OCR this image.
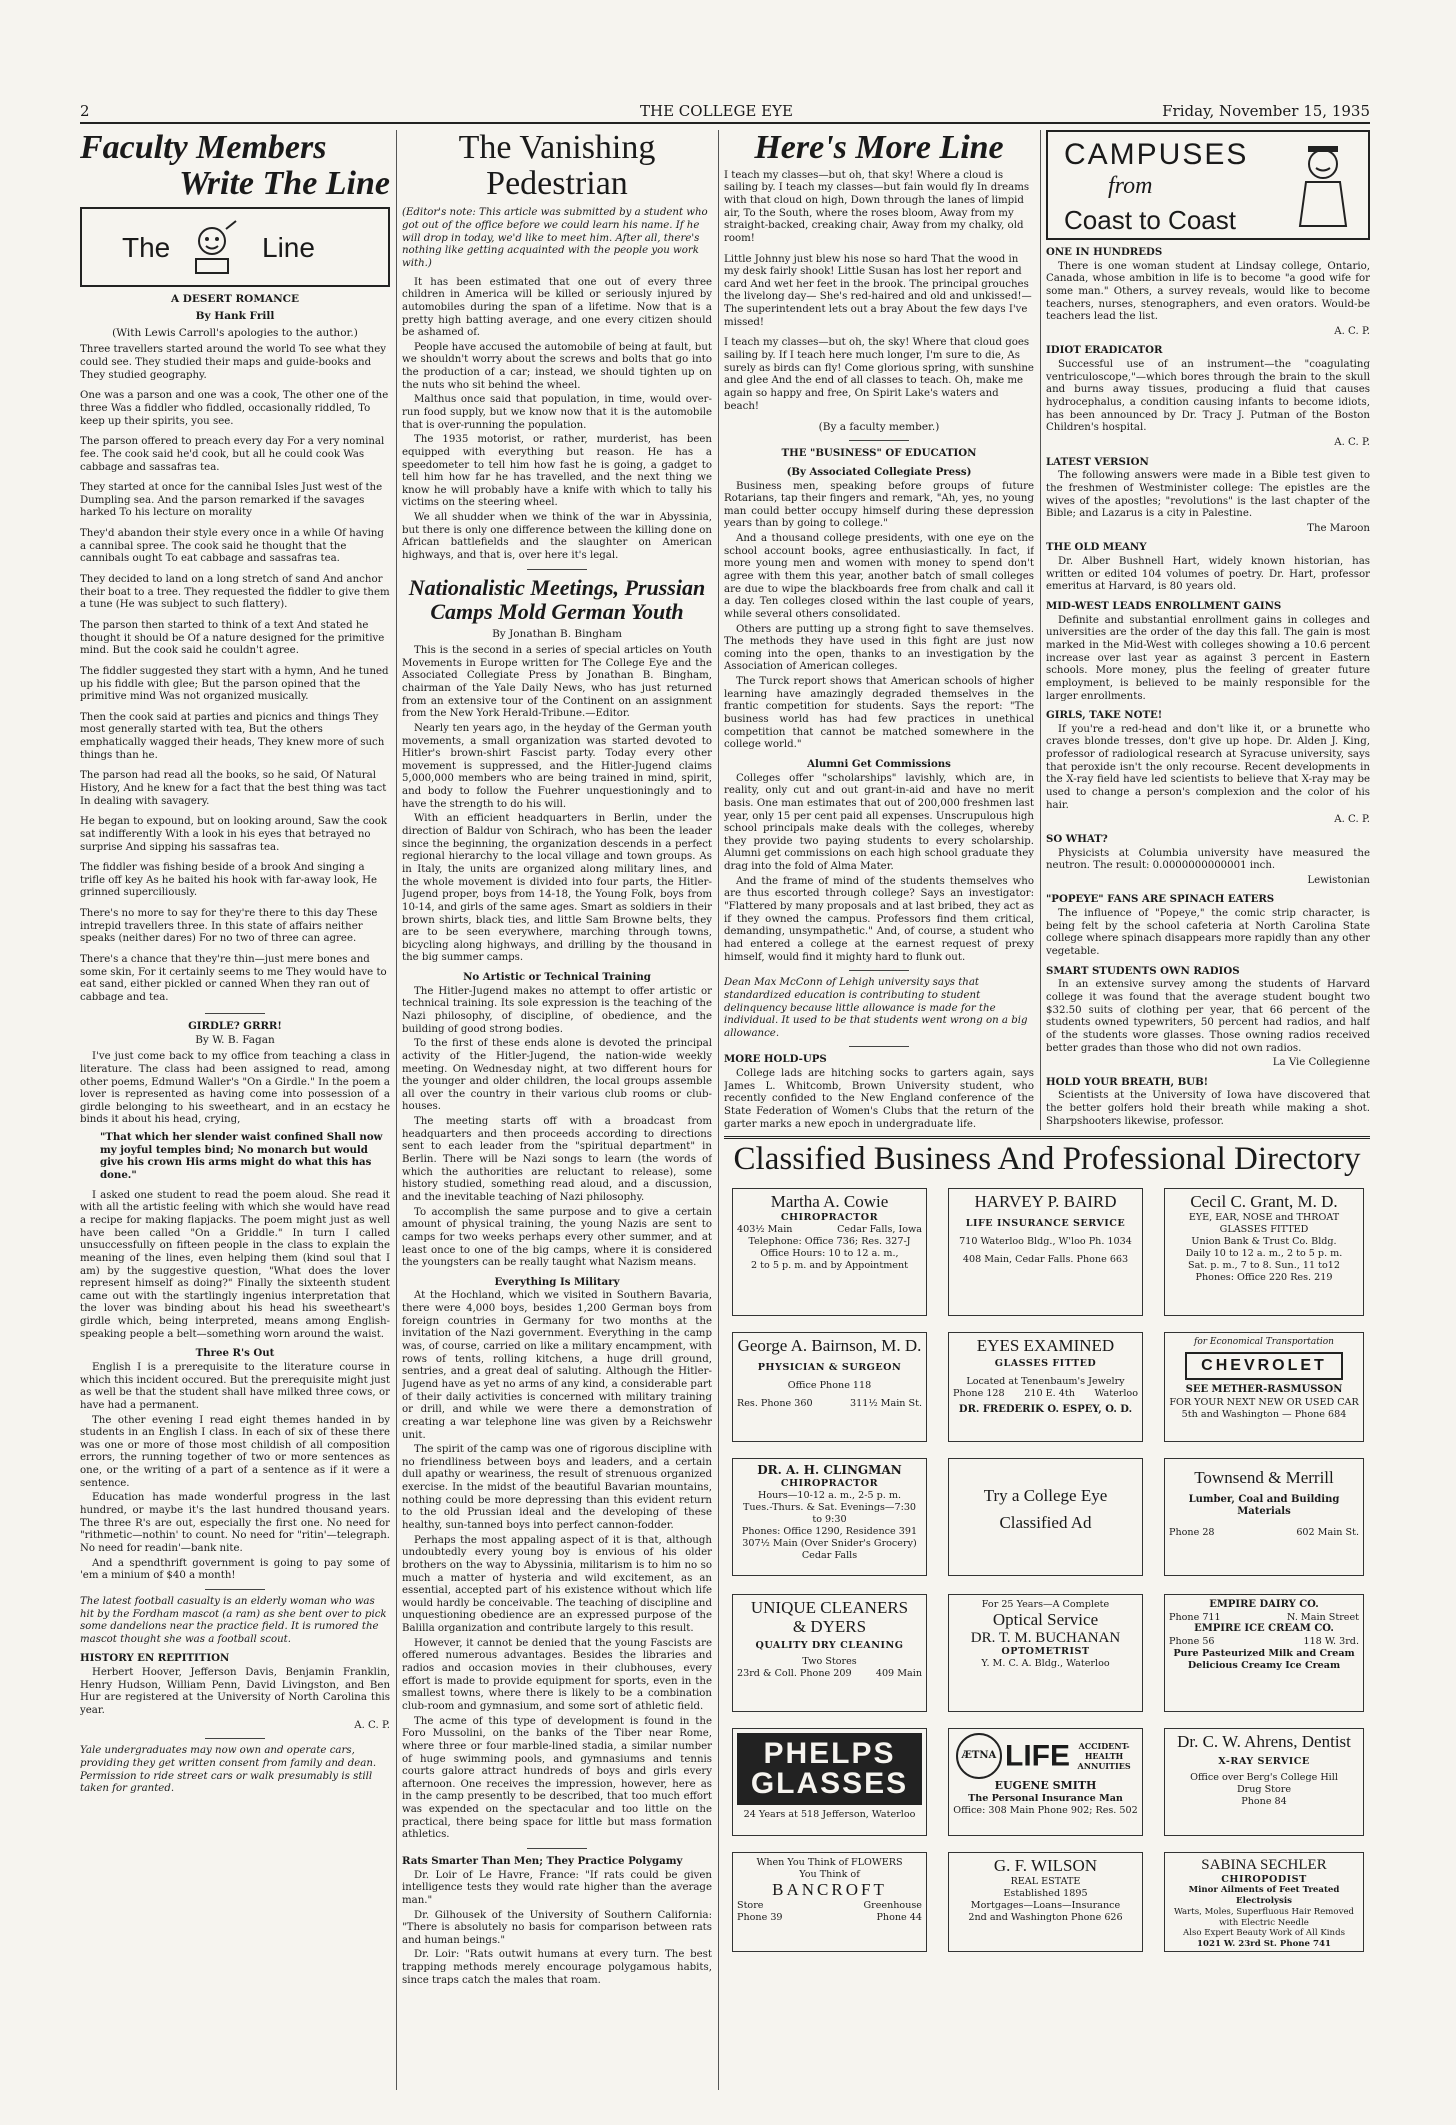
2	THE COLLEGE EYE	Friday, November 15, 1935
Faculty Members
Write The Line
The	Line
A DESERT ROMANCE
By Hank Frill
(With Lewis Carroll's apologies to the author.)
Three travellers started around the world To see what they could see. They studied their maps and guide-books and They studied geography.
One was a parson and one was a cook, The other one of the three Was a fiddler who fiddled, occasionally riddled, To keep up their spirits, you see.
The parson offered to preach every day For a very nominal fee. The cook said he'd cook, but all he could cook Was cabbage and sassafras tea.
They started at once for the cannibal Isles Just west of the Dumpling sea. And the parson remarked if the savages harked To his lecture on morality
They'd abandon their style every once in a while Of having a cannibal spree. The cook said he thought that the cannibals ought To eat cabbage and sassafras tea.
They decided to land on a long stretch of sand And anchor their boat to a tree. They requested the fiddler to give them a tune (He was subject to such flattery).
The parson then started to think of a text And stated he thought it should be Of a nature designed for the primitive mind. But the cook said he couldn't agree.
The fiddler suggested they start with a hymn, And he tuned up his fiddle with glee; But the parson opined that the primitive mind Was not organized musically.
Then the cook said at parties and picnics and things They most generally started with tea, But the others emphatically wagged their heads, They knew more of such things than he.
The parson had read all the books, so he said, Of Natural History, And he knew for a fact that the best thing was tact In dealing with savagery.
He began to expound, but on looking around, Saw the cook sat indifferently With a look in his eyes that betrayed no surprise And sipping his sassafras tea.
The fiddler was fishing beside of a brook And singing a trifle off key As he baited his hook with far-away look, He grinned superciliously.
There's no more to say for they're there to this day These intrepid travellers three. In this state of affairs neither speaks (neither dares) For no two of three can agree.
There's a chance that they're thin—just mere bones and some skin, For it certainly seems to me They would have to eat sand, either pickled or canned When they ran out of cabbage and tea.
GIRDLE? GRRR!
By W. B. Fagan

I've just come back to my office from teaching a class in literature. The class had been assigned to read, among other poems, Edmund Waller's "On a Girdle." In the poem a lover is represented as having come into possession of a girdle belonging to his sweetheart, and in an ecstacy he binds it about his head, crying,

"That which her slender waist confined Shall now my joyful temples bind; No monarch but would give his crown His arms might do what this has done."

I asked one student to read the poem aloud. She read it with all the artistic feeling with which she would have read a recipe for making flapjacks. The poem might just as well have been called "On a Griddle." In turn I called unsuccessfully on fifteen people in the class to explain the meaning of the lines, even helping them (kind soul that I am) by the suggestive question, "What does the lover represent himself as doing?" Finally the sixteenth student came out with the startlingly ingenius interpretation that the lover was binding about his head his sweetheart's girdle which, being interpreted, means among English-speaking people a belt—something worn around the waist.

Three R's Out

English I is a prerequisite to the literature course in which this incident occured. But the prerequisite might just as well be that the student shall have milked three cows, or have had a permanent.

The other evening I read eight themes handed in by students in an English I class. In each of six of these there was one or more of those most childish of all composition errors, the running together of two or more sentences as one, or the writing of a part of a sentence as if it were a sentence.

Education has made wonderful progress in the last hundred, or maybe it's the last hundred thousand years. The three R's are out, especially the first one. No need for "rithmetic—nothin' to count. No need for "ritin'—telegraph. No need for readin'—bank nite.

And a spendthrift government is going to pay some of 'em a minium of $40 a month!

The latest football casualty is an elderly woman who was hit by the Fordham mascot (a ram) as she bent over to pick some dandelions near the practice field. It is rumored the mascot thought she was a football scout.
HISTORY EN REPITITION

Herbert Hoover, Jefferson Davis, Benjamin Franklin, Henry Hudson, William Penn, David Livingston, and Ben Hur are registered at the University of North Carolina this year.

A. C. P.
Yale undergraduates may now own and operate cars, providing they get written consent from family and dean. Permission to ride street cars or walk presumably is still taken for granted.
The Vanishing Pedestrian
(Editor's note: This article was submitted by a student who got out of the office before we could learn his name. If he will drop in today, we'd like to meet him. After all, there's nothing like getting acquainted with the people you work with.)

It has been estimated that one out of every three children in America will be killed or seriously injured by automobiles during the span of a lifetime. Now that is a pretty high batting average, and one every citizen should be ashamed of.

People have accused the automobile of being at fault, but we shouldn't worry about the screws and bolts that go into the production of a car; instead, we should tighten up on the nuts who sit behind the wheel.

Malthus once said that population, in time, would over-run food supply, but we know now that it is the automobile that is over-running the population.

The 1935 motorist, or rather, murderist, has been equipped with everything but reason. He has a speedometer to tell him how fast he is going, a gadget to tell him how far he has travelled, and the next thing we know he will probably have a knife with which to tally his victims on the steering wheel.

We all shudder when we think of the war in Abyssinia, but there is only one difference between the killing done on African battlefields and the slaughter on American highways, and that is, over here it's legal.

Nationalistic Meetings, Prussian Camps Mold German Youth
By Jonathan B. Bingham

This is the second in a series of special articles on Youth Movements in Europe written for The College Eye and the Associated Collegiate Press by Jonathan B. Bingham, chairman of the Yale Daily News, who has just returned from an extensive tour of the Continent on an assignment from the New York Herald-Tribune.—Editor.

Nearly ten years ago, in the heyday of the German youth movements, a small organization was started devoted to Hitler's brown-shirt Fascist party. Today every other movement is suppressed, and the Hitler-Jugend claims 5,000,000 members who are being trained in mind, spirit, and body to follow the Fuehrer unquestioningly and to have the strength to do his will.

With an efficient headquarters in Berlin, under the direction of Baldur von Schirach, who has been the leader since the beginning, the organization descends in a perfect regional hierarchy to the local village and town groups. As in Italy, the units are organized along military lines, and the whole movement is divided into four parts, the Hitler-Jugend proper, boys from 14-18, the Young Folk, boys from 10-14, and girls of the same ages. Smart as soldiers in their brown shirts, black ties, and little Sam Browne belts, they are to be seen everywhere, marching through towns, bicycling along highways, and drilling by the thousand in the big summer camps.

No Artistic or Technical Training

The Hitler-Jugend makes no attempt to offer artistic or technical training. Its sole expression is the teaching of the Nazi philosophy, of discipline, of obedience, and the building of good strong bodies.

To the first of these ends alone is devoted the principal activity of the Hitler-Jugend, the nation-wide weekly meeting. On Wednesday night, at two different hours for the younger and older children, the local groups assemble all over the country in their various club rooms or club-houses.

The meeting starts off with a broadcast from headquarters and then proceeds according to directions sent to each leader from the "spiritual department" in Berlin. There will be Nazi songs to learn (the words of which the authorities are reluctant to release), some history studied, something read aloud, and a discussion, and the inevitable teaching of Nazi philosophy.

To accomplish the same purpose and to give a certain amount of physical training, the young Nazis are sent to camps for two weeks perhaps every other summer, and at least once to one of the big camps, where it is considered the youngsters can be really taught what Nazism means.

Everything Is Military

At the Hochland, which we visited in Southern Bavaria, there were 4,000 boys, besides 1,200 German boys from foreign countries in Germany for two months at the invitation of the Nazi government. Everything in the camp was, of course, carried on like a military encampment, with rows of tents, rolling kitchens, a huge drill ground, sentries, and a great deal of saluting. Although the Hitler-Jugend have as yet no arms of any kind, a considerable part of their daily activities is concerned with military training or drill, and while we were there a demonstration of creating a war telephone line was given by a Reichswehr unit.

The spirit of the camp was one of rigorous discipline with no friendliness between boys and leaders, and a certain dull apathy or weariness, the result of strenuous organized exercise. In the midst of the beautiful Bavarian mountains, nothing could be more depressing than this evident return to the old Prussian ideal and the developing of these healthy, sun-tanned boys into perfect cannon-fodder.

Perhaps the most appaling aspect of it is that, although undoubtedly every young boy is envious of his older brothers on the way to Abyssinia, militarism is to him no so much a matter of hysteria and wild excitement, as an essential, accepted part of his existence without which life would hardly be conceivable. The teaching of discipline and unquestioning obedience are an expressed purpose of the Balilla organization and contribute largely to this result.

However, it cannot be denied that the young Fascists are offered numerous advantages. Besides the libraries and radios and occasion movies in their clubhouses, every effort is made to provide equipment for sports, even in the smallest towns, where there is likely to be a combination club-room and gymnasium, and some sort of athletic field.

The acme of this type of development is found in the Foro Mussolini, on the banks of the Tiber near Rome, where three or four marble-lined stadia, a similar number of huge swimming pools, and gymnasiums and tennis courts galore attract hundreds of boys and girls every afternoon. One receives the impression, however, here as in the camp presently to be described, that too much effort was expended on the spectacular and too little on the practical, there being space for little but mass formation athletics.

Rats Smarter Than Men; They Practice Polygamy

Dr. Loir of Le Havre, France: "If rats could be given intelligence tests they would rate higher than the average man."

Dr. Gilhousek of the University of Southern California: "There is absolutely no basis for comparison between rats and human beings."

Dr. Loir: "Rats outwit humans at every turn. The best trapping methods merely encourage polygamous habits, since traps catch the males that roam.

Here's More Line
I teach my classes—but oh, that sky! Where a cloud is sailing by. I teach my classes—but fain would fly In dreams with that cloud on high, Down through the lanes of limpid air, To the South, where the roses bloom, Away from my straight-backed, creaking chair, Away from my chalky, old room!
Little Johnny just blew his nose so hard That the wood in my desk fairly shook! Little Susan has lost her report and card And wet her feet in the brook. The principal grouches the livelong day— She's red-haired and old and unkissed!— The superintendent lets out a bray About the few days I've missed!
I teach my classes—but oh, the sky! Where that cloud goes sailing by. If I teach here much longer, I'm sure to die, As surely as birds can fly! Come glorious spring, with sunshine and glee And the end of all classes to teach. Oh, make me again so happy and free, On Spirit Lake's waters and beach!
(By a faculty member.)
THE "BUSINESS" OF EDUCATION
(By Associated Collegiate Press)

Business men, speaking before groups of future Rotarians, tap their fingers and remark, "Ah, yes, no young man could better occupy himself during these depression years than by going to college."

And a thousand college presidents, with one eye on the school account books, agree enthusiastically. In fact, if more young men and women with money to spend don't agree with them this year, another batch of small colleges are due to wipe the blackboards free from chalk and call it a day. Ten colleges closed within the last couple of years, while several others consolidated.

Others are putting up a strong fight to save themselves. The methods they have used in this fight are just now coming into the open, thanks to an investigation by the Association of American colleges.

The Turck report shows that American schools of higher learning have amazingly degraded themselves in the frantic competition for students. Says the report: "The business world has had few practices in unethical competition that cannot be matched somewhere in the college world."

Alumni Get Commissions

Colleges offer "scholarships" lavishly, which are, in reality, only cut and out grant-in-aid and have no merit basis. One man estimates that out of 200,000 freshmen last year, only 15 per cent paid all expenses. Unscrupulous high school principals make deals with the colleges, whereby they provide two paying students to every scholarship. Alumni get commissions on each high school graduate they drag into the fold of Alma Mater.

And the frame of mind of the students themselves who are thus escorted through college? Says an investigator: "Flattered by many proposals and at last bribed, they act as if they owned the campus. Professors find them critical, demanding, unsympathetic." And, of course, a student who had entered a college at the earnest request of prexy himself, would find it mighty hard to flunk out.

Dean Max McConn of Lehigh university says that standardized education is contributing to student delinquency because little allowance is made for the individual. It used to be that students went wrong on a big allowance.
MORE HOLD-UPS

College lads are hitching socks to garters again, says James L. Whitcomb, Brown University student, who recently confided to the New England conference of the State Federation of Women's Clubs that the return of the garter marks a new epoch in undergraduate life.

CAMPUSES
from
Coast to Coast
ONE IN HUNDREDS

There is one woman student at Lindsay college, Ontario, Canada, whose ambition in life is to become "a good wife for some man." Others, a survey reveals, would like to become teachers, nurses, stenographers, and even orators. Would-be teachers lead the list.

A. C. P.
IDIOT ERADICATOR

Successful use of an instrument—the "coagulating ventriculoscope,"—which bores through the brain to the skull and burns away tissues, producing a fluid that causes hydrocephalus, a condition causing infants to become idiots, has been announced by Dr. Tracy J. Putman of the Boston Children's hospital.

A. C. P.
LATEST VERSION

The following answers were made in a Bible test given to the freshmen of Westminister college: The epistles are the wives of the apostles; "revolutions" is the last chapter of the Bible; and Lazarus is a city in Palestine.

The Maroon
THE OLD MEANY

Dr. Alber Bushnell Hart, widely known historian, has written or edited 104 volumes of poetry. Dr. Hart, professor emeritus at Harvard, is 80 years old.

MID-WEST LEADS ENROLLMENT GAINS

Definite and substantial enrollment gains in colleges and universities are the order of the day this fall. The gain is most marked in the Mid-West with colleges showing a 10.6 percent increase over last year as against 3 percent in Eastern schools. More money, plus the feeling of greater future employment, is believed to be mainly responsible for the larger enrollments.

GIRLS, TAKE NOTE!

If you're a red-head and don't like it, or a brunette who craves blonde tresses, don't give up hope. Dr. Alden J. King, professor of radiological research at Syracuse university, says that peroxide isn't the only recourse. Recent developments in the X-ray field have led scientists to believe that X-ray may be used to change a person's complexion and the color of his hair.

A. C. P.
SO WHAT?

Physicists at Columbia university have measured the neutron. The result: 0.0000000000001 inch.

Lewistonian
"POPEYE" FANS ARE SPINACH EATERS

The influence of "Popeye," the comic strip character, is being felt by the school cafeteria at North Carolina State college where spinach disappears more rapidly than any other vegetable.

SMART STUDENTS OWN RADIOS

In an extensive survey among the students of Harvard college it was found that the average student bought two $32.50 suits of clothing per year, that 66 percent of the students owned typewriters, 50 percent had radios, and half of the students wore glasses. Those owning radios received better grades than those who did not own radios.

La Vie Collegienne
HOLD YOUR BREATH, BUB!

Scientists at the University of Iowa have discovered that the better golfers hold their breath while making a shot. Sharpshooters likewise, professor.

Classified Business And Professional Directory
Martha A. Cowie
CHIROPRACTOR
403½ Main	Cedar Falls, Iowa
Telephone: Office 736; Res. 327-J
Office Hours: 10 to 12 a. m.,
2 to 5 p. m. and by Appointment
HARVEY P. BAIRD
LIFE INSURANCE SERVICE
710 Waterloo Bldg., W'loo Ph. 1034
408 Main, Cedar Falls. Phone 663
Cecil C. Grant, M. D.
EYE, EAR, NOSE and THROAT
GLASSES FITTED
Union Bank & Trust Co. Bldg.
Daily 10 to 12 a. m., 2 to 5 p. m.
Sat. p. m., 7 to 8. Sun., 11 to12
Phones: Office 220 Res. 219
George A. Bairnson, M. D.
PHYSICIAN & SURGEON
Office Phone 118
Res. Phone 360	311½ Main St.
EYES EXAMINED
GLASSES FITTED
Located at Tenenbaum's Jewelry
Phone 128 210 E. 4th Waterloo
DR. FREDERIK O. ESPEY, O. D.
for Economical Transportation
CHEVROLET
SEE METHER-RASMUSSON
FOR YOUR NEXT NEW OR USED CAR
5th and Washington — Phone 684
DR. A. H. CLINGMAN
CHIROPRACTOR
Hours—10-12 a. m., 2-5 p. m.
Tues.-Thurs. & Sat. Evenings—7:30 to 9:30
Phones: Office 1290, Residence 391
307½ Main (Over Snider's Grocery)
Cedar Falls
Try a College Eye
Classified Ad
Townsend & Merrill
Lumber, Coal and Building
Materials
Phone 28	602 Main St.
UNIQUE CLEANERS
& DYERS
QUALITY DRY CLEANING
Two Stores
23rd & Coll. Phone 209	409 Main
For 25 Years—A Complete
Optical Service
DR. T. M. BUCHANAN
OPTOMETRIST
Y. M. C. A. Bldg., Waterloo
EMPIRE DAIRY CO.
Phone 711	N. Main Street
EMPIRE ICE CREAM CO.
Phone 56	118 W. 3rd.
Pure Pasteurized Milk and Cream
Delicious Creamy Ice Cream
PHELPS
GLASSES
24 Years at 518 Jefferson, Waterloo
ÆTNA LIFE ACCIDENT-HEALTH ANNUITIES
EUGENE SMITH
The Personal Insurance Man
Office: 308 Main Phone 902; Res. 502
Dr. C. W. Ahrens, Dentist
X-RAY SERVICE
Office over Berg's College Hill
Drug Store
Phone 84
When You Think of FLOWERS
You Think of
BANCROFT
Store	Greenhouse
Phone 39	Phone 44
G. F. WILSON
REAL ESTATE
Established 1895
Mortgages—Loans—Insurance
2nd and Washington Phone 626
SABINA SECHLER
CHIROPODIST
Minor Ailments of Feet Treated
Electrolysis
Warts, Moles, Superfluous Hair Removed
with Electric Needle
Also Expert Beauty Work of All Kinds
1021 W. 23rd St. Phone 741
